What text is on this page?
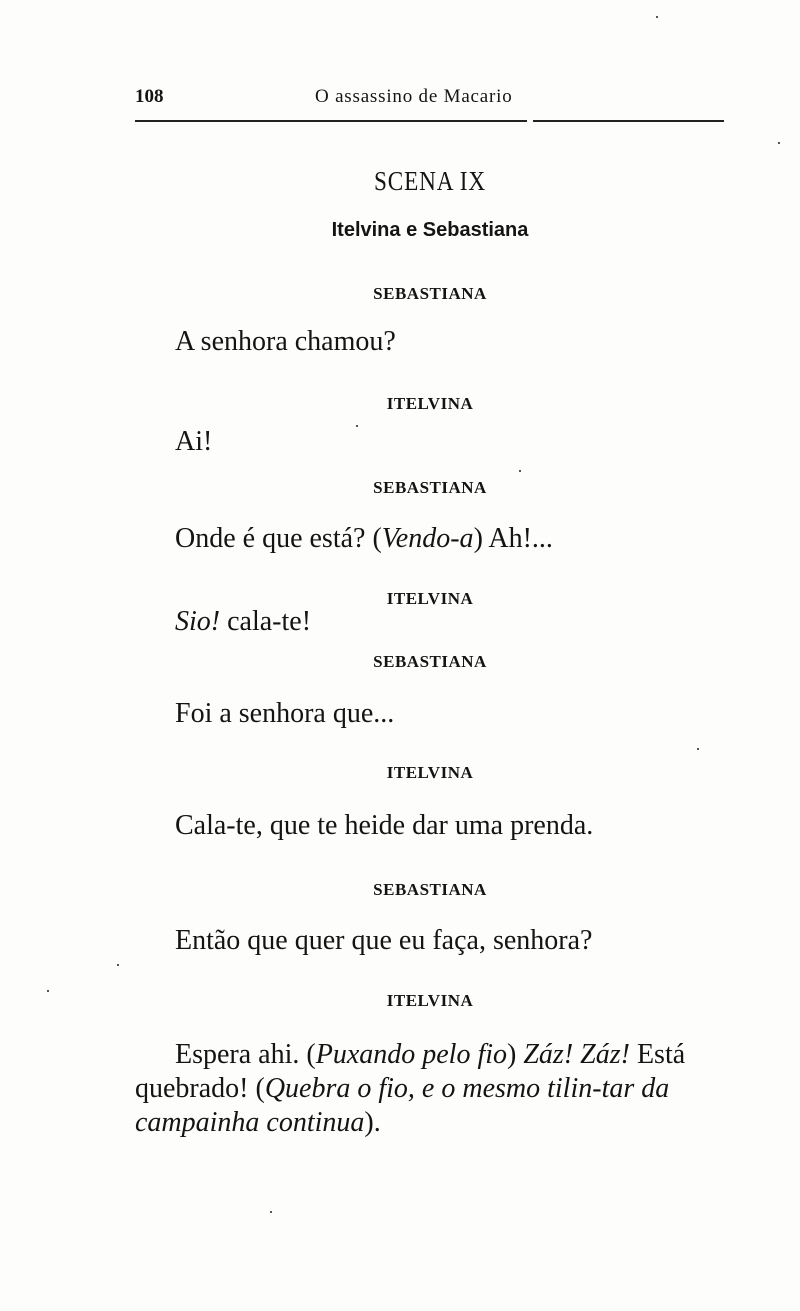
108	O assassino de Macario
SCENA IX
Itelvina e Sebastiana
SEBASTIANA
A senhora chamou?
ITELVINA
Ai!
SEBASTIANA
Onde é que está? (Vendo-a) Ah!...
ITELVINA
Sio! cala-te!
SEBASTIANA
Foi a senhora que...
ITELVINA
Cala-te, que te heide dar uma prenda.
SEBASTIANA
Então que quer que eu faça, senhora?
ITELVINA
Espera ahi. (Puxando pelo fio) Záz! Záz! Está quebrado! (Quebra o fio, e o mesmo tilin-tar da campainha continua).
